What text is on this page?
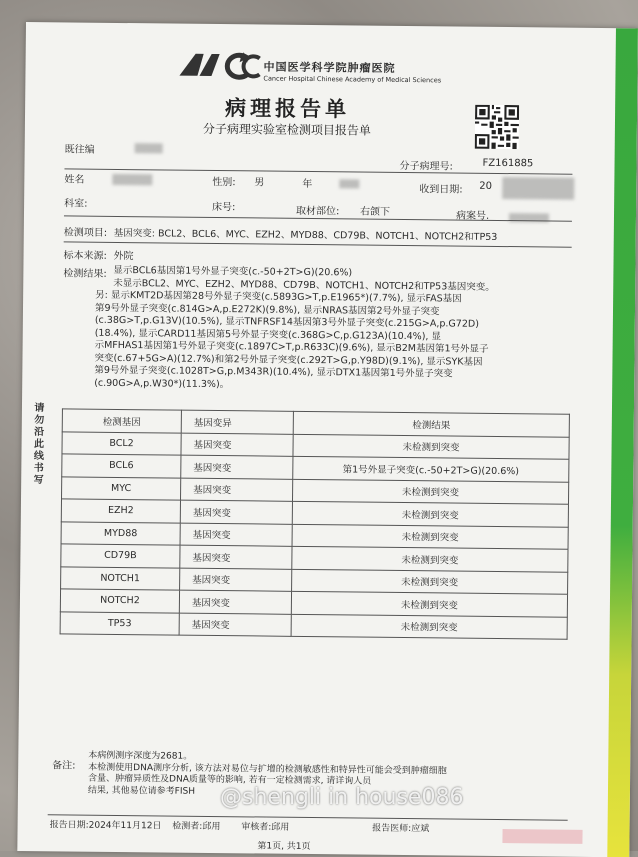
中国医学科学院肿瘤医院
Cancer Hospital Chinese Academy of Medical Sciences
病理报告单
分子病理实验室检测项目报告单
既往编
分子病理号:	FZ161885
姓名	性别: 男	年	收到日期: 20
科室:	床号:	取材部位: 右颌下	病案号.
检测项目: 基因突变: BCL2、BCL6、MYC、EZH2、MYD88、CD79B、NOTCH1、NOTCH2和TP53
标本来源: 外院
检测结果: 显示BCL6基因第1号外显子突变(c.-50+2T>G)(20.6%)
未显示BCL2、MYC、EZH2、MYD88、CD79B、NOTCH1、NOTCH2和TP53基因突变。
另: 显示KMT2D基因第28号外显子突变(c.5893G>T,p.E1965*)(7.7%), 显示FAS基因
第9号外显子突变(c.814G>A,p.E272K)(9.8%), 显示NRAS基因第2号外显子突变
(c.38G>T,p.G13V)(10.5%), 显示TNFRSF14基因第3号外显子突变(c.215G>A,p.G72D)
(18.4%), 显示CARD11基因第5号外显子突变(c.368G>C,p.G123A)(10.4%), 显
示MFHAS1基因第1号外显子突变(c.1897C>T,p.R633C)(9.6%), 显示B2M基因第1号外显子
突变(c.67+5G>A)(12.7%)和第2号外显子突变(c.292T>G,p.Y98D)(9.1%), 显示SYK基因
第9号外显子突变(c.1028T>G,p.M343R)(10.4%), 显示DTX1基因第1号外显子突变
(c.90G>A,p.W30*)(11.3%)。
请勿沿此线书写	检测基因	基因变异	检测结果
BCL2	基因突变	未检测到突变
BCL6	基因突变	第1号外显子突变(c.-50+2T>G)(20.6%)
MYC	基因突变	未检测到突变
EZH2	基因突变	未检测到突变
MYD88	基因突变	未检测到突变
CD79B	基因突变	未检测到突变
NOTCH1	基因突变	未检测到突变
NOTCH2	基因突变	未检测到突变
TP53	基因突变	未检测到突变
备注:
本病例测序深度为2681。
本检测使用DNA测序分析, 该方法对易位与扩增的检测敏感性和特异性可能会受到肿瘤细胞
含量、肿瘤异质性及DNA质量等的影响, 若有一定检测需求, 请详询人员
结果, 其他易位请参考FISH
报告日期:2024年11月12日 检测者:邱用 审核者:邱用	报告医师:应斌
第1页, 共1页
@shengli in house086
